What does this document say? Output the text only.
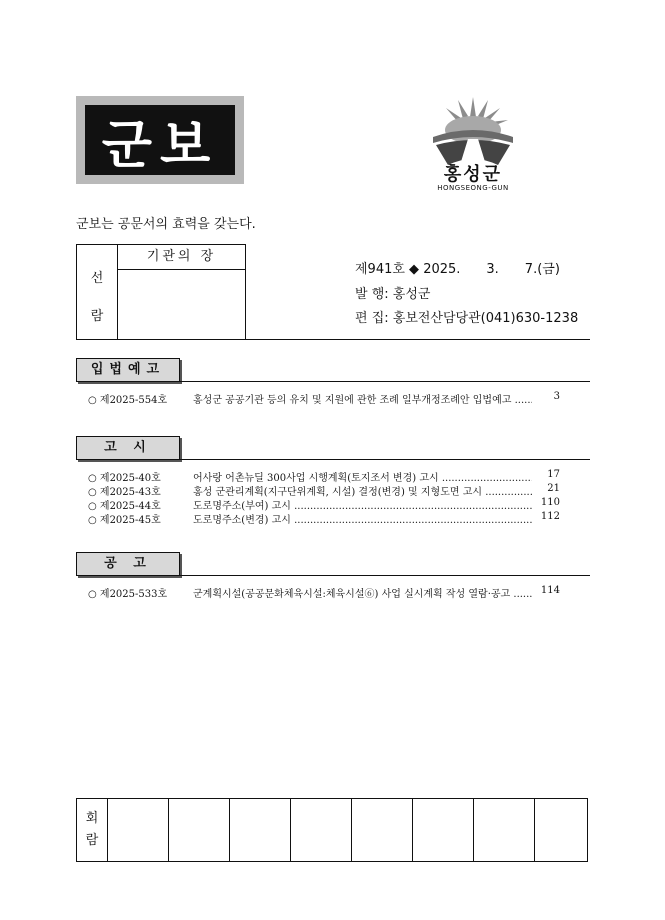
군보	홍성군
HONGSEONG-GUN
군보는 공문서의 효력을 갖는다.
선
람
기관의 장
제941호 ◆ 2025.　　3.　　7.(금)
발 행: 홍성군
편 집: 홍보전산담당관(041)630-1238
입법예고
○ 제2025-554호	홍성군 공공기관 등의 유치 및 지원에 관한 조례 일부개정조례안 입법예고 .....	3
고 시
○ 제2025-40호	어사랑 어촌뉴딜 300사업 시행계획(토지조서 변경) 고시 .....	17
○ 제2025-43호	홍성 군관리계획(지구단위계획, 시설) 결정(변경) 및 지형도면 고시 .....	21
○ 제2025-44호	도로명주소(부여) 고시 .....	110
○ 제2025-45호	도로명주소(변경) 고시 .....	112
공 고
○ 제2025-533호	군계획시설(공공문화체육시설:체육시설⑥) 사업 실시계획 작성 열람·공고 .....	114
회
람
